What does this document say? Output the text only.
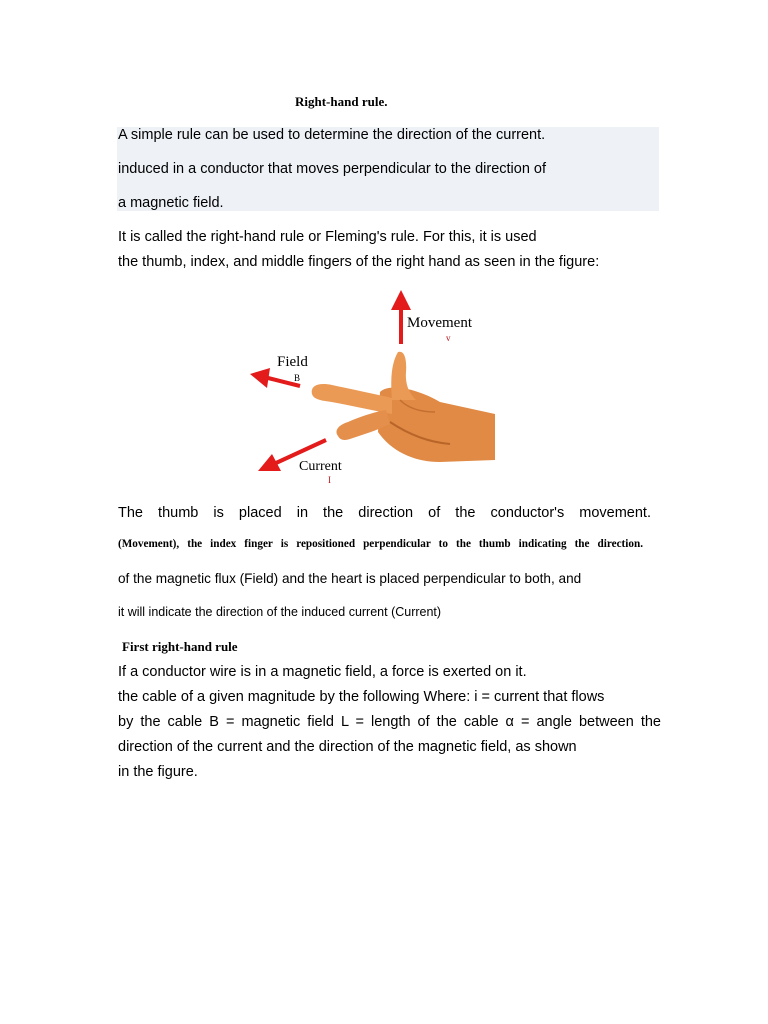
Right-hand rule.

A simple rule can be used to determine the direction of the current.

induced in a conductor that moves perpendicular to the direction of

a magnetic field.

It is called the right-hand rule or Fleming's rule. For this, it is used

the thumb, index, and middle fingers of the right hand as seen in the figure:

Movement
v
Field
B
Current
I

The thumb is placed in the direction of the conductor's movement.

(Movement), the index finger is repositioned perpendicular to the thumb indicating the direction.

of the magnetic flux (Field) and the heart is placed perpendicular to both, and

it will indicate the direction of the induced current (Current)

First right-hand rule

If a conductor wire is in a magnetic field, a force is exerted on it.

the cable of a given magnitude by the following Where: i = current that flows

by the cable B = magnetic field L = length of the cable α = angle between the

direction of the current and the direction of the magnetic field, as shown

in the figure.
